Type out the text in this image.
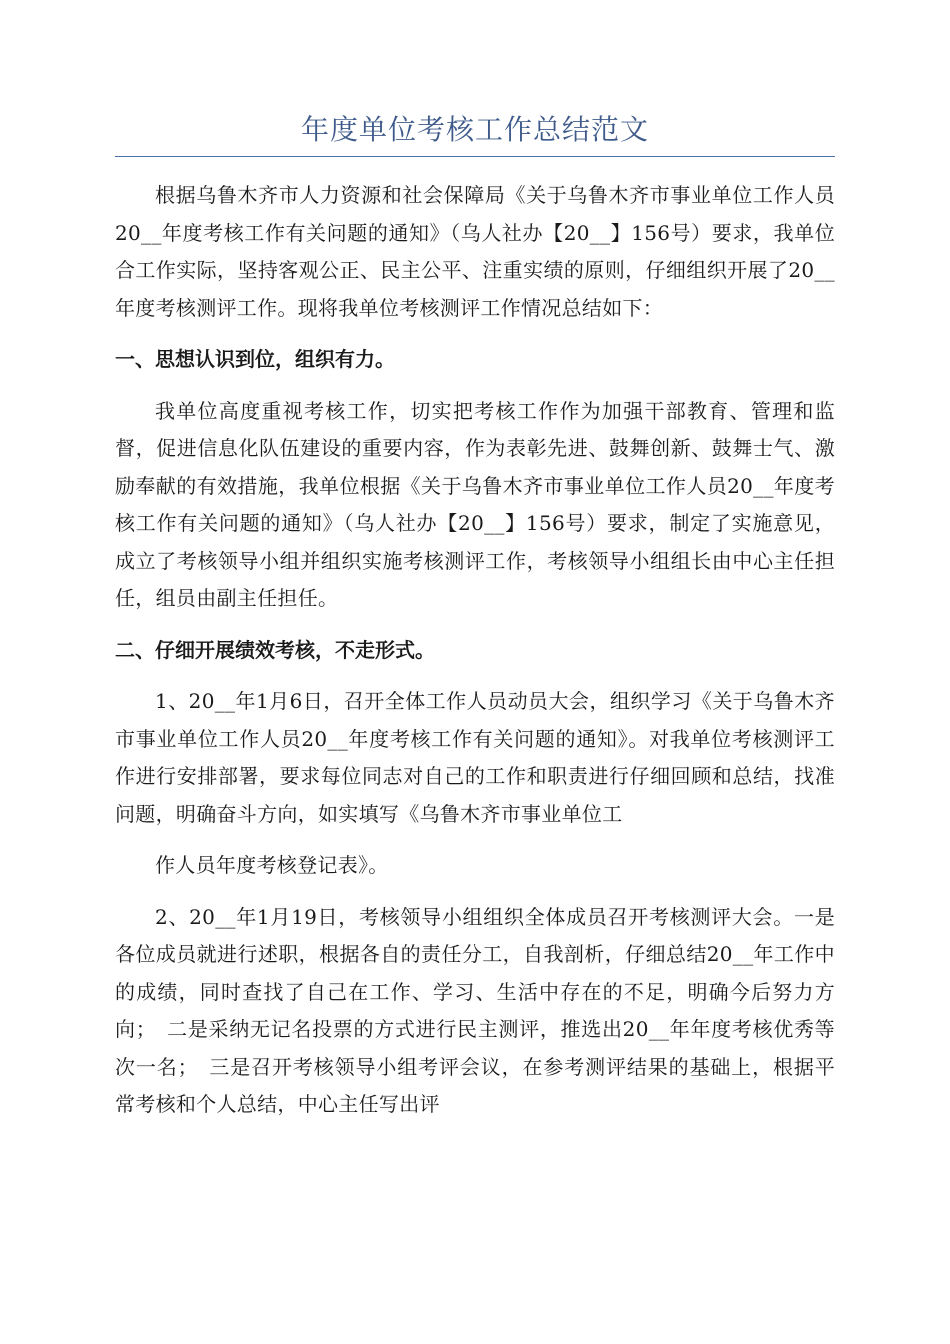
年度单位考核工作总结范文

根据乌鲁木齐市人力资源和社会保障局《关于乌鲁木齐市事业单位工作人员20__年度考核工作有关问题的通知》（乌人社办【20__】156号）要求，我单位合工作实际，坚持客观公正、民主公平、注重实绩的原则，仔细组织开展了20__年度考核测评工作。现将我单位考核测评工作情况总结如下：

一、思想认识到位，组织有力。

我单位高度重视考核工作，切实把考核工作作为加强干部教育、管理和监督，促进信息化队伍建设的重要内容，作为表彰先进、鼓舞创新、鼓舞士气、激励奉献的有效措施，我单位根据《关于乌鲁木齐市事业单位工作人员20__年度考核工作有关问题的通知》（乌人社办【20__】156号）要求，制定了实施意见，成立了考核领导小组并组织实施考核测评工作，考核领导小组组长由中心主任担任，组员由副主任担任。

二、仔细开展绩效考核，不走形式。

1、20__年1月6日，召开全体工作人员动员大会，组织学习《关于乌鲁木齐市事业单位工作人员20__年度考核工作有关问题的通知》。对我单位考核测评工作进行安排部署，要求每位同志对自己的工作和职责进行仔细回顾和总结，找准问题，明确奋斗方向，如实填写《乌鲁木齐市事业单位工

作人员年度考核登记表》。

2、20__年1月19日，考核领导小组组织全体成员召开考核测评大会。一是各位成员就进行述职，根据各自的责任分工，自我剖析，仔细总结20__年工作中的成绩，同时查找了自己在工作、学习、生活中存在的不足，明确今后努力方向；　二是采纳无记名投票的方式进行民主测评，推选出20__年年度考核优秀等次一名；　三是召开考核领导小组考评会议，在参考测评结果的基础上，根据平常考核和个人总结，中心主任写出评
